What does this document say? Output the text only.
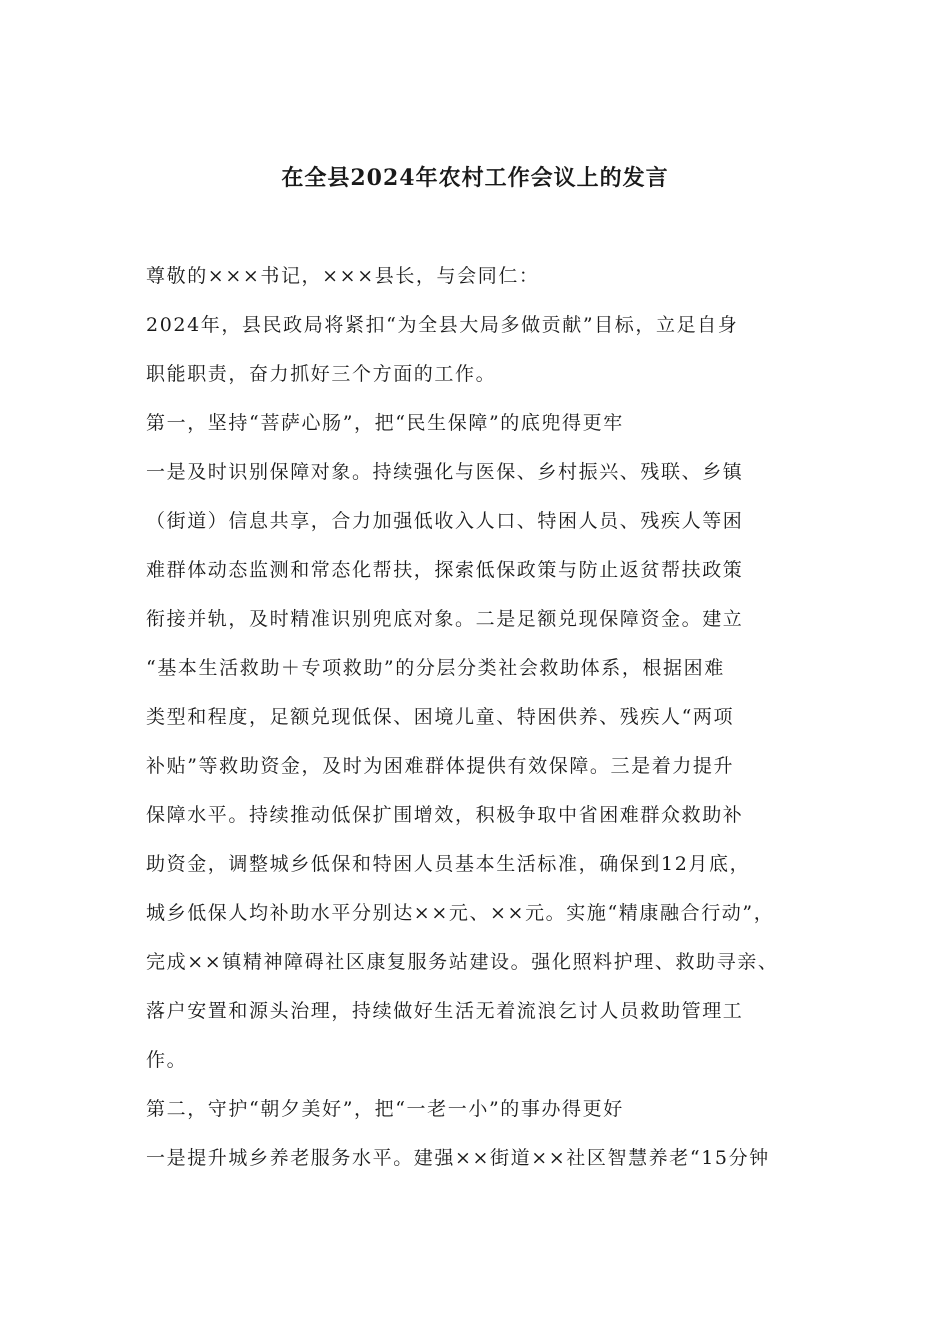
在全县2024年农村工作会议上的发言
尊敬的×××书记，×××县长，与会同仁：
2024年，县民政局将紧扣“为全县大局多做贡献”目标，立足自身
职能职责，奋力抓好三个方面的工作。
第一，坚持“菩萨心肠”，把“民生保障”的底兜得更牢
一是及时识别保障对象。持续强化与医保、乡村振兴、残联、乡镇
（街道）信息共享，合力加强低收入人口、特困人员、残疾人等困
难群体动态监测和常态化帮扶，探索低保政策与防止返贫帮扶政策
衔接并轨，及时精准识别兜底对象。二是足额兑现保障资金。建立
“基本生活救助＋专项救助”的分层分类社会救助体系，根据困难
类型和程度，足额兑现低保、困境儿童、特困供养、残疾人“两项
补贴”等救助资金，及时为困难群体提供有效保障。三是着力提升
保障水平。持续推动低保扩围增效，积极争取中省困难群众救助补
助资金，调整城乡低保和特困人员基本生活标准，确保到12月底，
城乡低保人均补助水平分别达××元、××元。实施“精康融合行动”，
完成××镇精神障碍社区康复服务站建设。强化照料护理、救助寻亲、
落户安置和源头治理，持续做好生活无着流浪乞讨人员救助管理工
作。
第二，守护“朝夕美好”，把“一老一小”的事办得更好
一是提升城乡养老服务水平。建强××街道××社区智慧养老“15分钟
